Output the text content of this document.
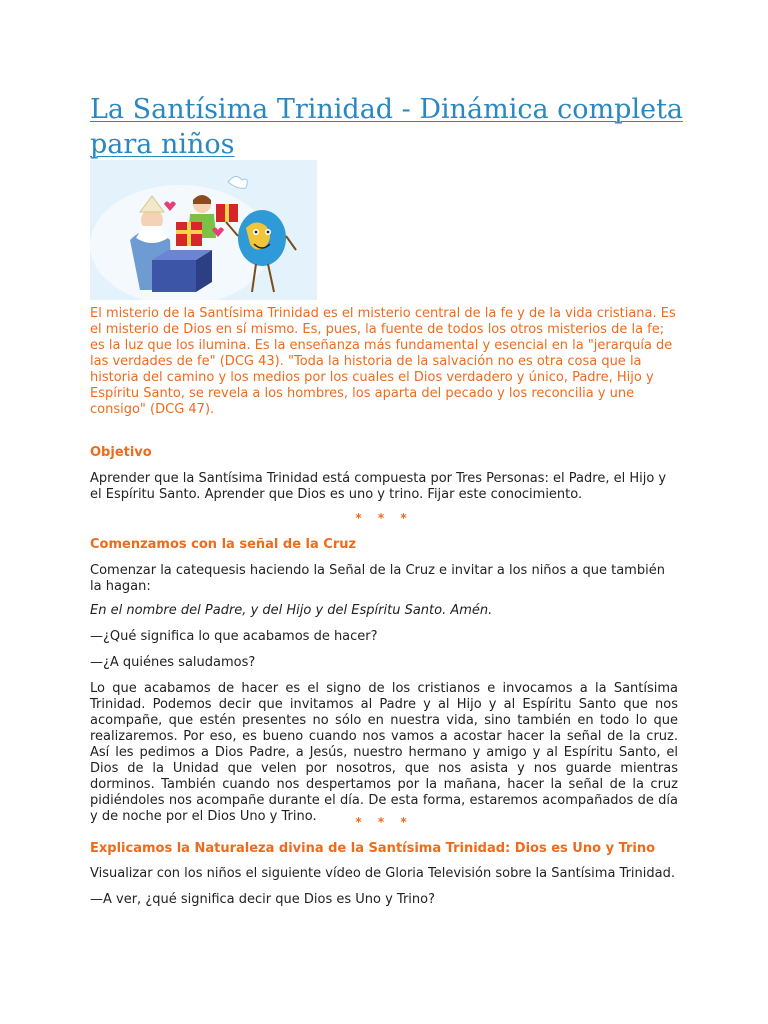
La Santísima Trinidad - Dinámica completa para niños

El misterio de la Santísima Trinidad es el misterio central de la fe y de la vida cristiana. Es el misterio de Dios en sí mismo. Es, pues, la fuente de todos los otros misterios de la fe; es la luz que los ilumina. Es la enseñanza más fundamental y esencial en la "jerarquía de las verdades de fe" (DCG 43). "Toda la historia de la salvación no es otra cosa que la historia del camino y los medios por los cuales el Dios verdadero y único, Padre, Hijo y Espíritu Santo, se revela a los hombres, los aparta del pecado y los reconcilia y une consigo" (DCG 47).

Objetivo

Aprender que la Santísima Trinidad está compuesta por Tres Personas: el Padre, el Hijo y el Espíritu Santo. Aprender que Dios es uno y trino. Fijar este conocimiento.

* * *

Comenzamos con la señal de la Cruz

Comenzar la catequesis haciendo la Señal de la Cruz e invitar a los niños a que también la hagan:

En el nombre del Padre, y del Hijo y del Espíritu Santo. Amén.

—¿Qué significa lo que acabamos de hacer?

—¿A quiénes saludamos?

Lo que acabamos de hacer es el signo de los cristianos e invocamos a la Santísima Trinidad. Podemos decir que invitamos al Padre y al Hijo y al Espíritu Santo que nos acompañe, que estén presentes no sólo en nuestra vida, sino también en todo lo que realizaremos. Por eso, es bueno cuando nos vamos a acostar hacer la señal de la cruz. Así les pedimos a Dios Padre, a Jesús, nuestro hermano y amigo y al Espíritu Santo, el Dios de la Unidad que velen por nosotros, que nos asista y nos guarde mientras dorminos. También cuando nos despertamos por la mañana, hacer la señal de la cruz pidiéndoles nos acompañe durante el día. De esta forma, estaremos acompañados de día y de noche por el Dios Uno y Trino.	* * *

Explicamos la Naturaleza divina de la Santísima Trinidad: Dios es Uno y Trino

Visualizar con los niños el siguiente vídeo de Gloria Televisión sobre la Santísima Trinidad.

—A ver, ¿qué significa decir que Dios es Uno y Trino?
